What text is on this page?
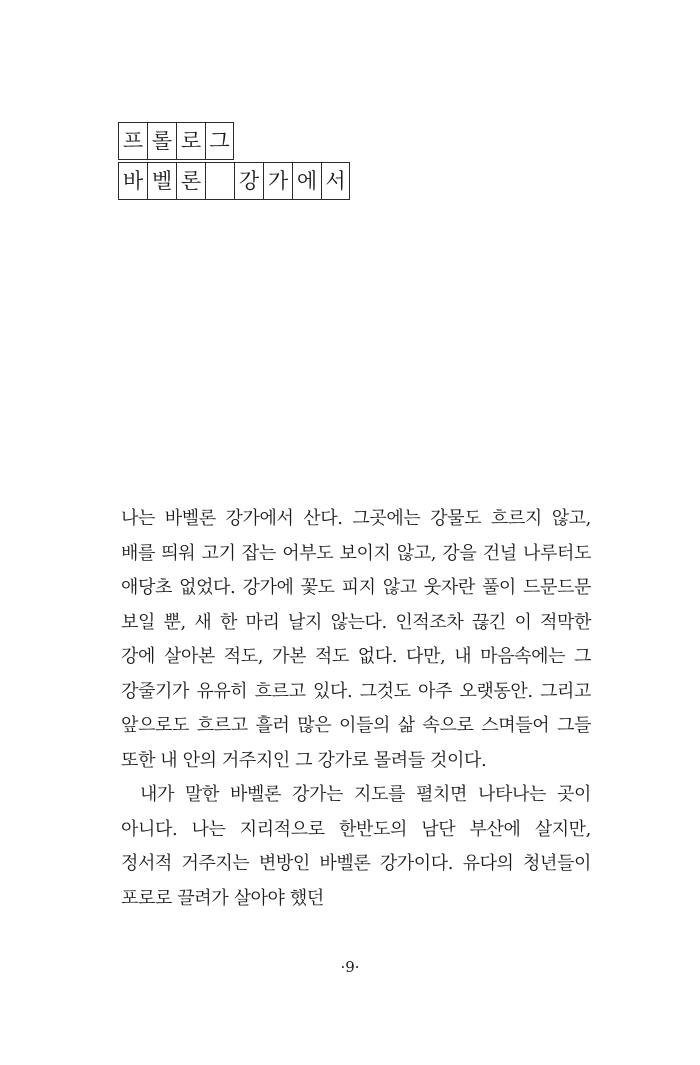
프 롤 로 그
바 벨 론 강 가 에 서

나는 바벨론 강가에서 산다. 그곳에는 강물도 흐르지 않고, 배를 띄워 고기 잡는 어부도 보이지 않고, 강을 건널 나루터도 애당초 없었다. 강가에 꽃도 피지 않고 웃자란 풀이 드문드문 보일 뿐, 새 한 마리 날지 않는다. 인적조차 끊긴 이 적막한 강에 살아본 적도, 가본 적도 없다. 다만, 내 마음속에는 그 강줄기가 유유히 흐르고 있다. 그것도 아주 오랫동안. 그리고 앞으로도 흐르고 흘러 많은 이들의 삶 속으로 스며들어 그들 또한 내 안의 거주지인 그 강가로 몰려들 것이다.

내가 말한 바벨론 강가는 지도를 펼치면 나타나는 곳이 아니다. 나는 지리적으로 한반도의 남단 부산에 살지만, 정서적 거주지는 변방인 바벨론 강가이다. 유다의 청년들이 포로로 끌려가 살아야 했던

·9·
